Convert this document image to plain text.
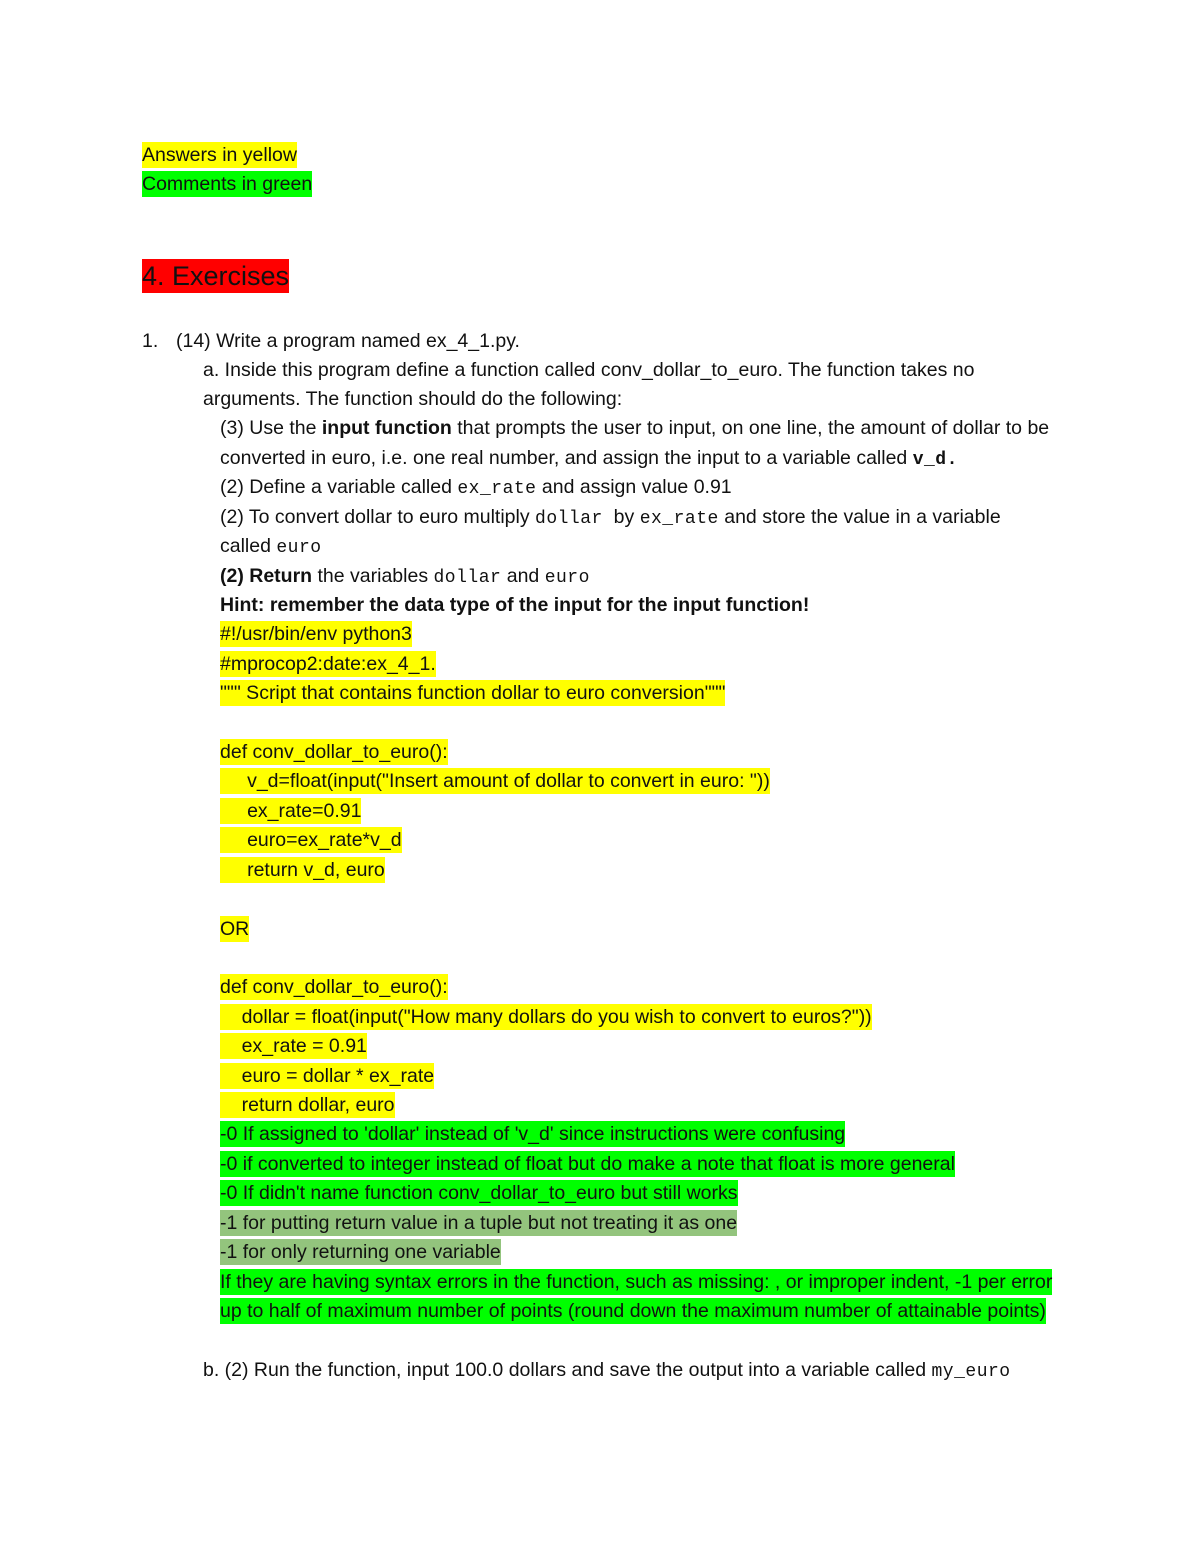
Answers in yellow
Comments in green
4. Exercises
1. (14) Write a program named ex_4_1.py.
a. Inside this program define a function called conv_dollar_to_euro. The function takes no
arguments. The function should do the following:
(3) Use the input function that prompts the user to input, on one line, the amount of dollar to be
converted in euro, i.e. one real number, and assign the input to a variable called v_d.
(2) Define a variable called ex_rate and assign value 0.91
(2) To convert dollar to euro multiply dollar  by ex_rate and store the value in a variable
called euro
(2) Return the variables dollar and euro
Hint: remember the data type of the input for the input function!
#!/usr/bin/env python3
#mprocop2:date:ex_4_1.
""" Script that contains function dollar to euro conversion"""
def conv_dollar_to_euro():
v_d=float(input("Insert amount of dollar to convert in euro: "))
ex_rate=0.91
euro=ex_rate*v_d
return v_d, euro
OR
def conv_dollar_to_euro():
dollar = float(input("How many dollars do you wish to convert to euros?"))
ex_rate = 0.91
euro = dollar * ex_rate
return dollar, euro
-0 If assigned to 'dollar' instead of 'v_d' since instructions were confusing
-0 if converted to integer instead of float but do make a note that float is more general
-0 If didn't name function conv_dollar_to_euro but still works
-1 for putting return value in a tuple but not treating it as one
-1 for only returning one variable
If they are having syntax errors in the function, such as missing: , or improper indent, -1 per error
up to half of maximum number of points (round down the maximum number of attainable points)
b. (2) Run the function, input 100.0 dollars and save the output into a variable called my_euro
